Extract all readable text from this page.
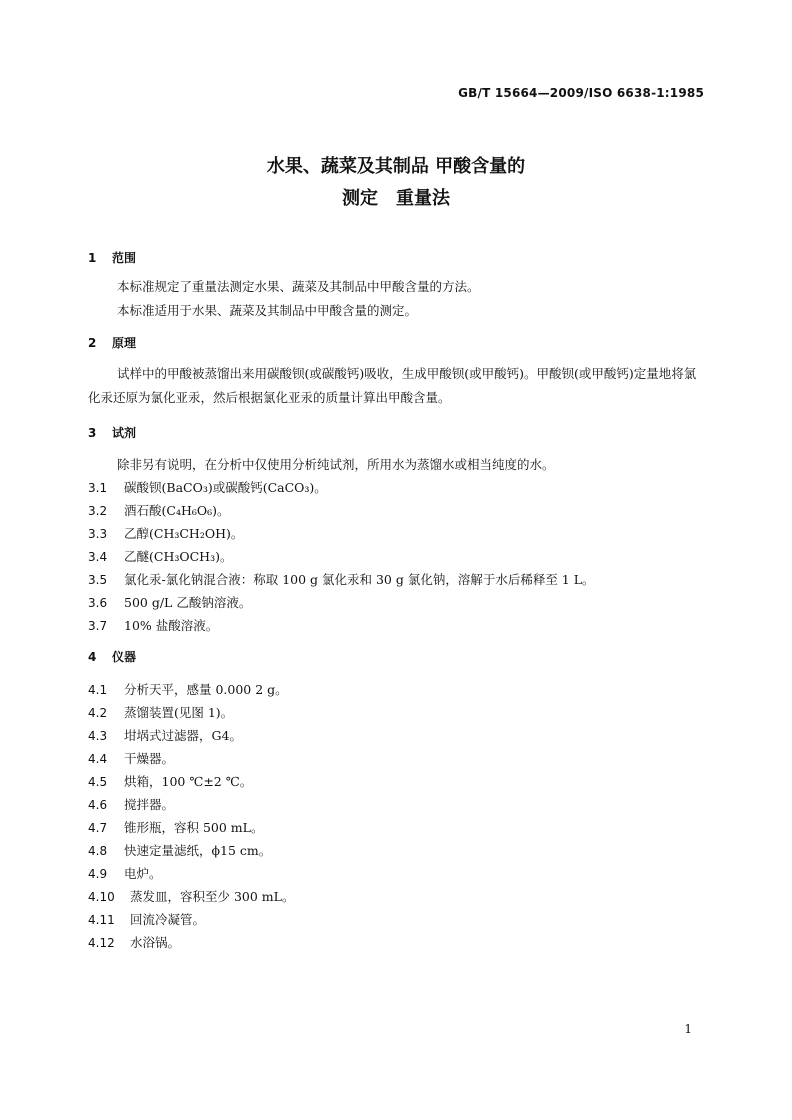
GB/T 15664—2009/ISO 6638-1:1985
水果、蔬菜及其制品 甲酸含量的
测定　重量法
1 范围
本标准规定了重量法测定水果、蔬菜及其制品中甲酸含量的方法。
本标准适用于水果、蔬菜及其制品中甲酸含量的测定。
2 原理
试样中的甲酸被蒸馏出来用碳酸钡(或碳酸钙)吸收，生成甲酸钡(或甲酸钙)。甲酸钡(或甲酸钙)定量地将氯化汞还原为氯化亚汞，然后根据氯化亚汞的质量计算出甲酸含量。
3 试剂
除非另有说明，在分析中仅使用分析纯试剂，所用水为蒸馏水或相当纯度的水。
3.1 碳酸钡(BaCO₃)或碳酸钙(CaCO₃)。
3.2 酒石酸(C₄H₆O₆)。
3.3 乙醇(CH₃CH₂OH)。
3.4 乙醚(CH₃OCH₃)。
3.5 氯化汞-氯化钠混合液：称取 100 g 氯化汞和 30 g 氯化钠，溶解于水后稀释至 1 L。
3.6 500 g/L 乙酸钠溶液。
3.7 10% 盐酸溶液。
4 仪器
4.1 分析天平，感量 0.000 2 g。
4.2 蒸馏装置(见图 1)。
4.3 坩埚式过滤器，G4。
4.4 干燥器。
4.5 烘箱，100 ℃±2 ℃。
4.6 搅拌器。
4.7 锥形瓶，容积 500 mL。
4.8 快速定量滤纸，ϕ15 cm。
4.9 电炉。
4.10 蒸发皿，容积至少 300 mL。
4.11 回流冷凝管。
4.12 水浴锅。
1
